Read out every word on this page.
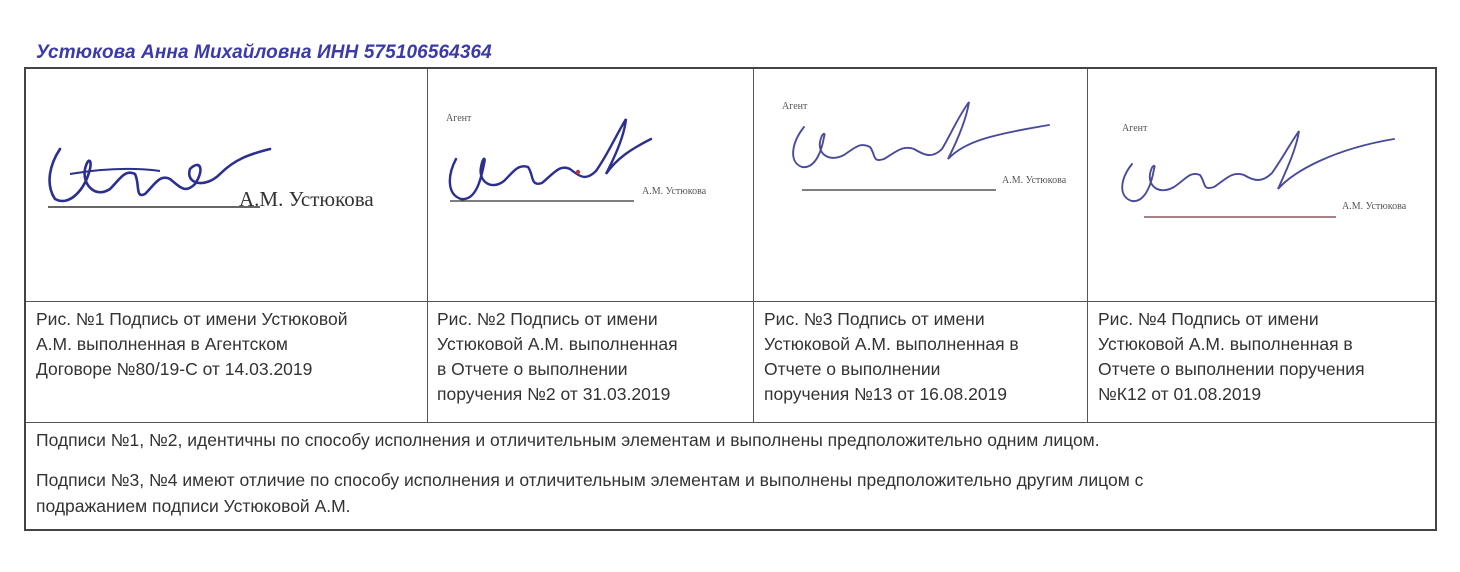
Устюкова Анна Михайловна ИНН 575106564364
А.М. Устюкова
Агент
А.М. Устюкова
Агент
А.М. Устюкова
Агент
А.М. Устюкова
Рис. №1 Подпись от имени Устюковой
А.М. выполненная в Агентском
Договоре №80/19-С от 14.03.2019
Рис. №2 Подпись от имени
Устюковой А.М. выполненная
в Отчете о выполнении
поручения №2 от 31.03.2019
Рис. №3 Подпись от имени
Устюковой А.М. выполненная в
Отчете о выполнении
поручения №13 от 16.08.2019
Рис. №4 Подпись от имени
Устюковой А.М. выполненная в
Отчете о выполнении поручения
№К12 от 01.08.2019
Подписи №1, №2, идентичны по способу исполнения и отличительным элементам и выполнены предположительно одним лицом.
Подписи №3, №4 имеют отличие по способу исполнения и отличительным элементам и выполнены предположительно другим лицом с
подражанием подписи Устюковой А.М.
